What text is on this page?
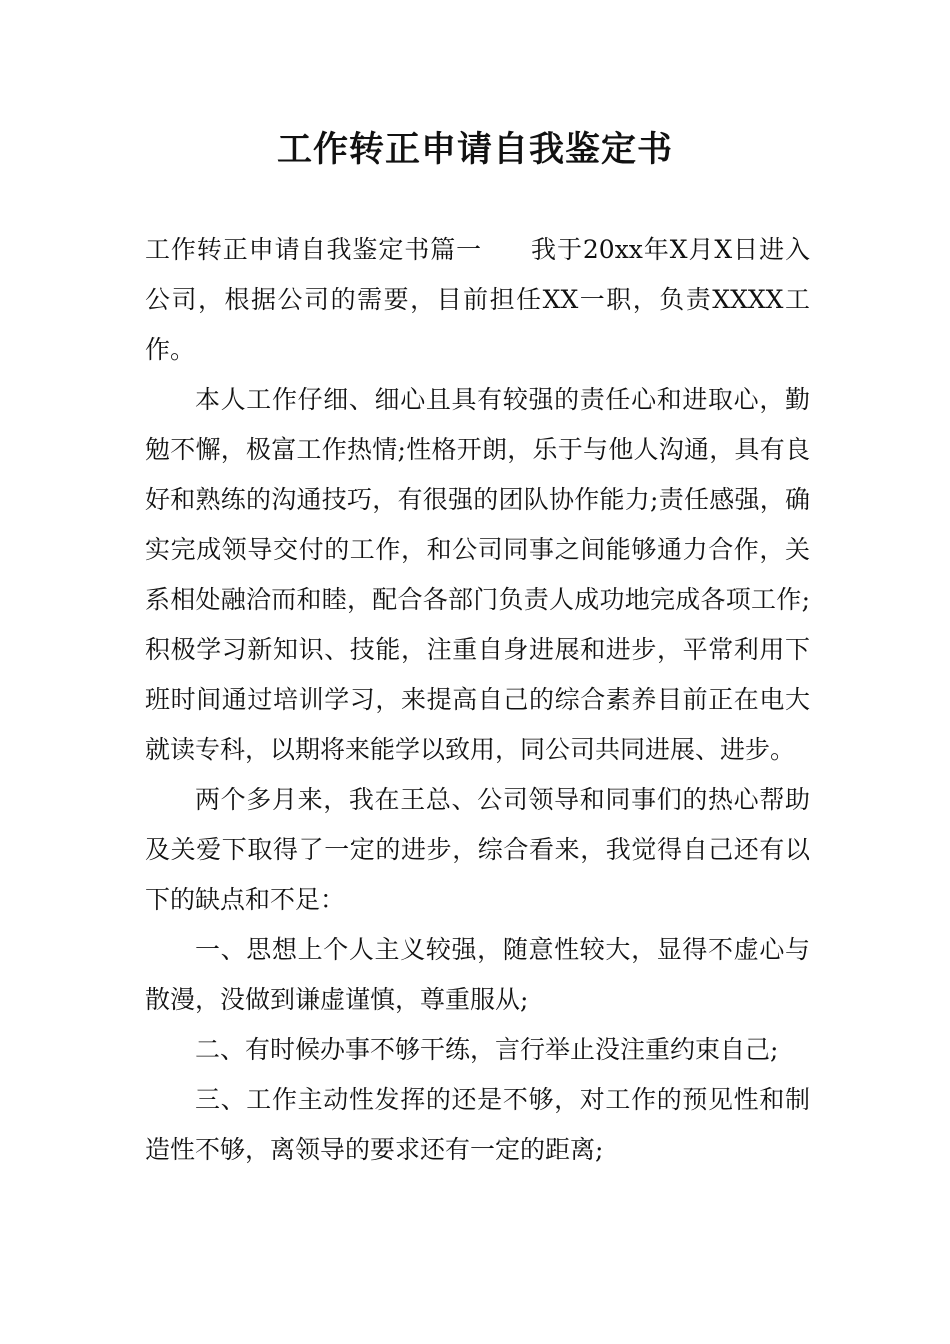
工作转正申请自我鉴定书

工作转正申请自我鉴定书篇一 我于20xx年X月X日进入公司，根据公司的需要，目前担任XX一职，负责XXXX工作。

本人工作仔细、细心且具有较强的责任心和进取心，勤勉不懈，极富工作热情;性格开朗，乐于与他人沟通，具有良好和熟练的沟通技巧，有很强的团队协作能力;责任感强，确实完成领导交付的工作，和公司同事之间能够通力合作，关系相处融洽而和睦，配合各部门负责人成功地完成各项工作;积极学习新知识、技能，注重自身进展和进步，平常利用下班时间通过培训学习，来提高自己的综合素养目前正在电大就读专科，以期将来能学以致用，同公司共同进展、进步。

两个多月来，我在王总、公司领导和同事们的热心帮助及关爱下取得了一定的进步，综合看来，我觉得自己还有以下的缺点和不足：

一、思想上个人主义较强，随意性较大，显得不虚心与散漫，没做到谦虚谨慎，尊重服从;

二、有时候办事不够干练，言行举止没注重约束自己;

三、工作主动性发挥的还是不够，对工作的预见性和制造性不够，离领导的要求还有一定的距离;
